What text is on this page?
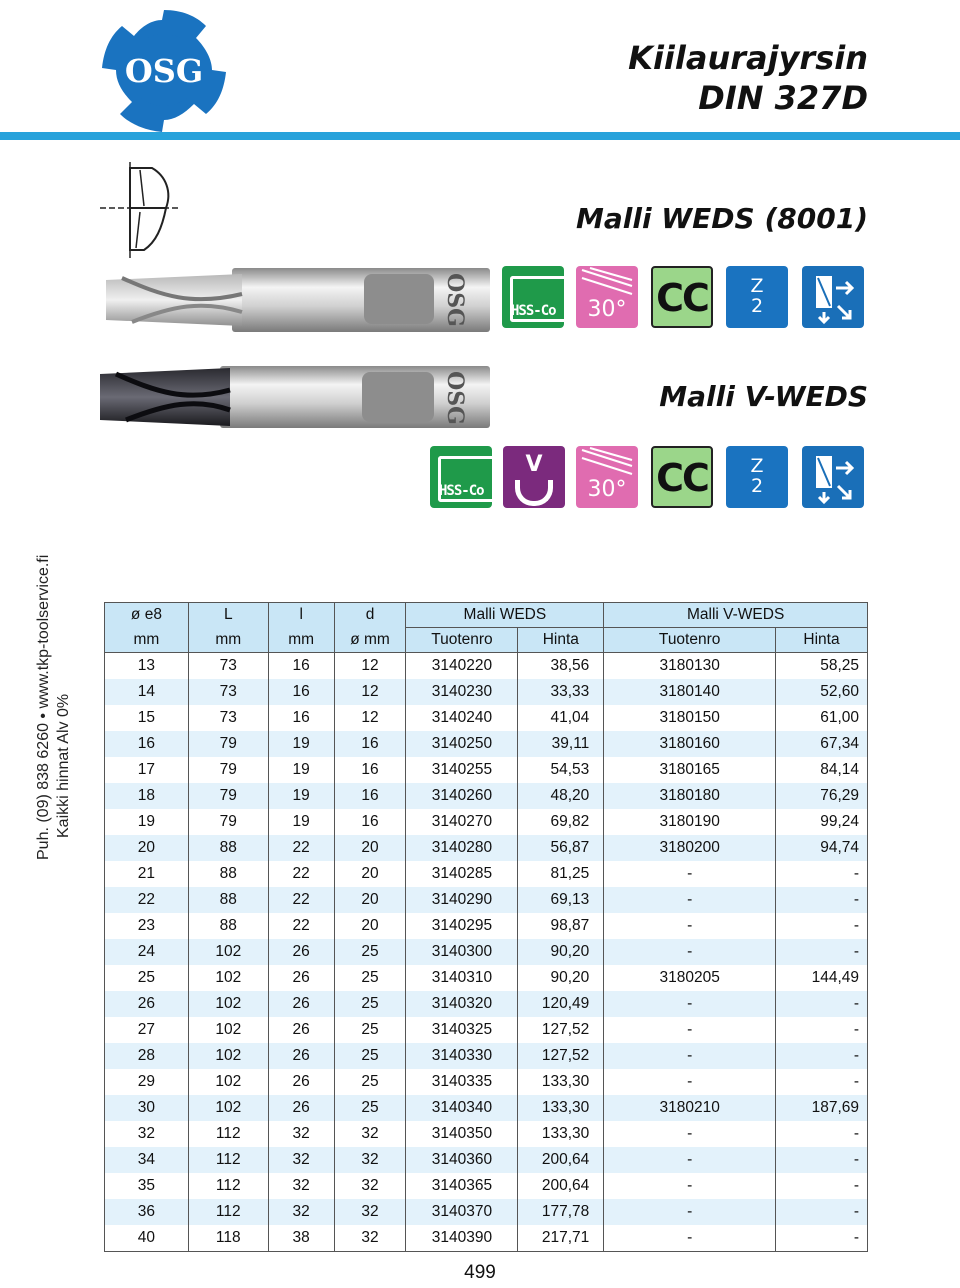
OSG	Kiilaurajyrsin
DIN 327D
Malli WEDS (8001)
OSG	HSS-Co	30° CC	Z
2
Malli V-WEDS
OSG
HSS-Co
V
30° CC	Z
2
Puh. (09) 838 6260 • www.tkp-toolservice.fi Kaikki hinnat Alv 0%
ø e8	L	l	d	Malli WEDS		Malli V-WEDS	
mm	mm	mm	ø mm	Tuotenro	Hinta	Tuotenro	Hinta
13	73	16	12	3140220	38,56	3180130	58,25
14	73	16	12	3140230	33,33	3180140	52,60
15	73	16	12	3140240	41,04	3180150	61,00
16	79	19	16	3140250	39,11	3180160	67,34
17	79	19	16	3140255	54,53	3180165	84,14
18	79	19	16	3140260	48,20	3180180	76,29
19	79	19	16	3140270	69,82	3180190	99,24
20	88	22	20	3140280	56,87	3180200	94,74
21	88	22	20	3140285	81,25	-	-
22	88	22	20	3140290	69,13	-	-
23	88	22	20	3140295	98,87	-	-
24	102	26	25	3140300	90,20	-	-
25	102	26	25	3140310	90,20	3180205	144,49
26	102	26	25	3140320	120,49	-	-
27	102	26	25	3140325	127,52	-	-
28	102	26	25	3140330	127,52	-	-
29	102	26	25	3140335	133,30	-	-
30	102	26	25	3140340	133,30	3180210	187,69
32	112	32	32	3140350	133,30	-	-
34	112	32	32	3140360	200,64	-	-
35	112	32	32	3140365	200,64	-	-
36	112	32	32	3140370	177,78	-	-
40	118	38	32	3140390	217,71	-	-
499
